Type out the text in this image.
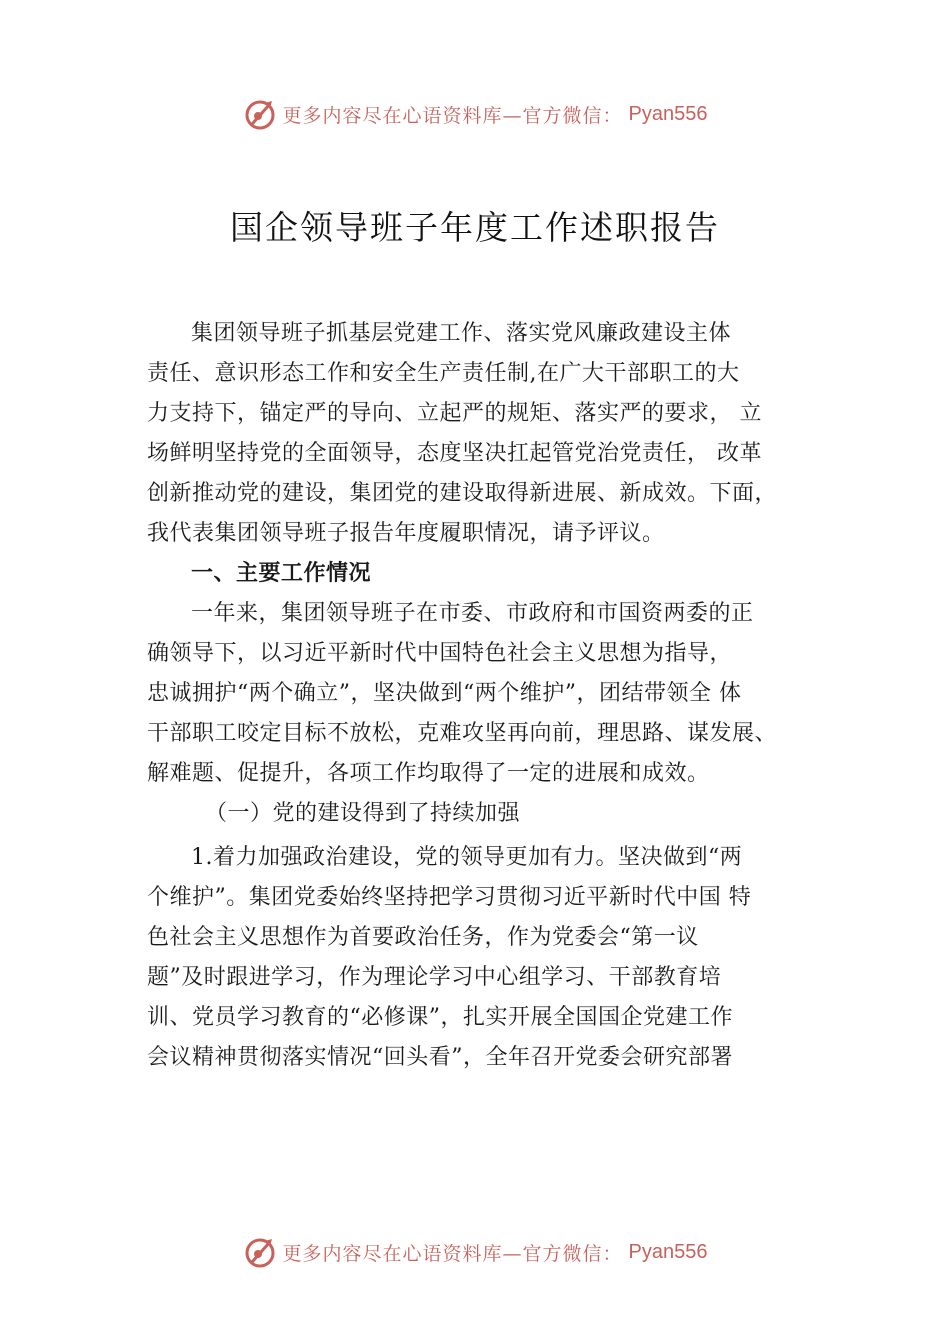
更多内容尽在心语资料库—官方微信： Pyan556
国企领导班子年度工作述职报告
集团领导班子抓基层党建工作、落实党风廉政建设主体
责任、意识形态工作和安全生产责任制,在广大干部职工的大
力支持下，锚定严的导向、立起严的规矩、落实严的要求， 立
场鲜明坚持党的全面领导，态度坚决扛起管党治党责任， 改革
创新推动党的建设，集团党的建设取得新进展、新成效。下面，
我代表集团领导班子报告年度履职情况，请予评议。
一、主要工作情况
一年来，集团领导班子在市委、市政府和市国资两委的正
确领导下，以习近平新时代中国特色社会主义思想为指导，
忠诚拥护“两个确立”，坚决做到“两个维护”，团结带领全 体
干部职工咬定目标不放松，克难攻坚再向前，理思路、谋发展、
解难题、促提升，各项工作均取得了一定的进展和成效。
（一）党的建设得到了持续加强
1.着力加强政治建设，党的领导更加有力。坚决做到“两
个维护”。集团党委始终坚持把学习贯彻习近平新时代中国 特
色社会主义思想作为首要政治任务，作为党委会“第一议
题”及时跟进学习，作为理论学习中心组学习、干部教育培
训、党员学习教育的“必修课”，扎实开展全国国企党建工作
会议精神贯彻落实情况“回头看”，全年召开党委会研究部署
更多内容尽在心语资料库—官方微信： Pyan556
